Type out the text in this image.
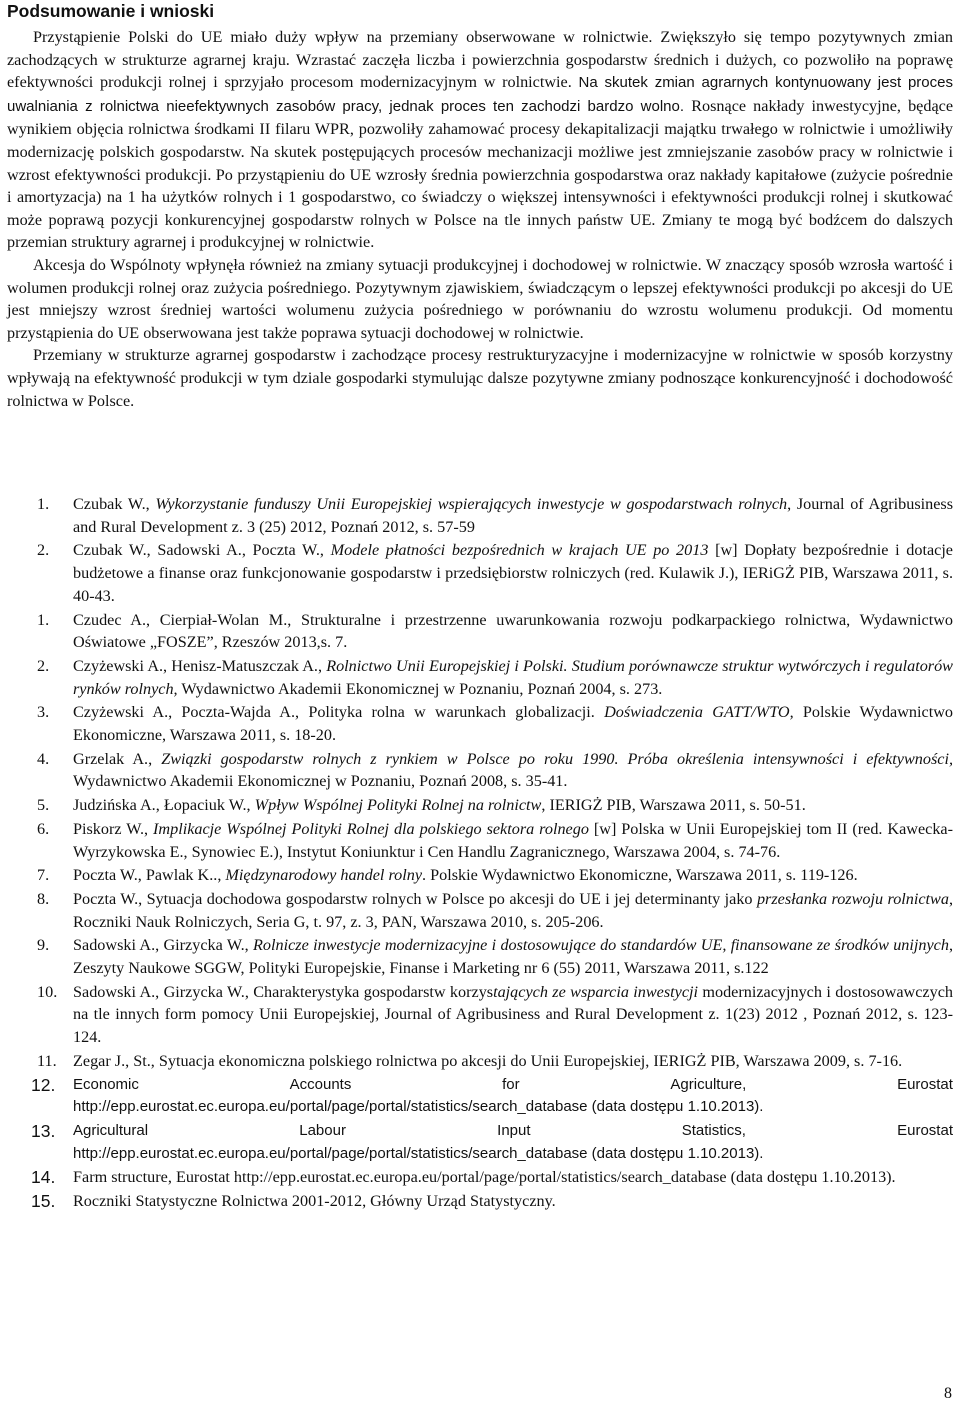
Podsumowanie i wnioski

Przystąpienie Polski do UE miało duży wpływ na przemiany obserwowane w rolnictwie. Zwiększyło się tempo pozytywnych zmian zachodzących w strukturze agrarnej kraju. Wzrastać zaczęła liczba i powierzchnia gospodarstw średnich i dużych, co pozwoliło na poprawę efektywności produkcji rolnej i sprzyjało procesom modernizacyjnym w rolnictwie. Na skutek zmian agrarnych kontynuowany jest proces uwalniania z rolnictwa nieefektywnych zasobów pracy, jednak proces ten zachodzi bardzo wolno. Rosnące nakłady inwestycyjne, będące wynikiem objęcia rolnictwa środkami II filaru WPR, pozwoliły zahamować procesy dekapitalizacji majątku trwałego w rolnictwie i umożliwiły modernizację polskich gospodarstw. Na skutek postępujących procesów mechanizacji możliwe jest zmniejszanie zasobów pracy w rolnictwie i wzrost efektywności produkcji. Po przystąpieniu do UE wzrosły średnia powierzchnia gospodarstwa oraz nakłady kapitałowe (zużycie pośrednie i amortyzacja) na 1 ha użytków rolnych i 1 gospodarstwo, co świadczy o większej intensywności i efektywności produkcji rolnej i skutkować może poprawą pozycji konkurencyjnej gospodarstw rolnych w Polsce na tle innych państw UE. Zmiany te mogą być bodźcem do dalszych przemian struktury agrarnej i produkcyjnej w rolnictwie.

Akcesja do Wspólnoty wpłynęła również na zmiany sytuacji produkcyjnej i dochodowej w rolnictwie. W znaczący sposób wzrosła wartość i wolumen produkcji rolnej oraz zużycia pośredniego. Pozytywnym zjawiskiem, świadczącym o lepszej efektywności produkcji po akcesji do UE jest mniejszy wzrost średniej wartości wolumenu zużycia pośredniego w porównaniu do wzrostu wolumenu produkcji. Od momentu przystąpienia do UE obserwowana jest także poprawa sytuacji dochodowej w rolnictwie.

Przemiany w strukturze agrarnej gospodarstw i zachodzące procesy restrukturyzacyjne i modernizacyjne w rolnictwie w sposób korzystny wpływają na efektywność produkcji w tym dziale gospodarki stymulując dalsze pozytywne zmiany podnoszące konkurencyjność i dochodowość rolnictwa w Polsce.

1.	Czubak W., Wykorzystanie funduszy Unii Europejskiej wspierających inwestycje w gospodarstwach rolnych, Journal of Agribusiness and Rural Development z. 3 (25) 2012, Poznań 2012, s. 57-59
2.	Czubak W., Sadowski A., Poczta W., Modele płatności bezpośrednich w krajach UE po 2013 [w] Dopłaty bezpośrednie i dotacje budżetowe a finanse oraz funkcjonowanie gospodarstw i przedsiębiorstw rolniczych (red. Kulawik J.), IERiGŻ PIB, Warszawa 2011, s. 40-43.
1.	Czudec A., Cierpiał-Wolan M., Strukturalne i przestrzenne uwarunkowania rozwoju podkarpackiego rolnictwa, Wydawnictwo Oświatowe „FOSZE”, Rzeszów 2013,s. 7.
2.	Czyżewski A., Henisz-Matuszczak A., Rolnictwo Unii Europejskiej i Polski. Studium porównawcze struktur wytwórczych i regulatorów rynków rolnych, Wydawnictwo Akademii Ekonomicznej w Poznaniu, Poznań 2004, s. 273.
3.	Czyżewski A., Poczta-Wajda A., Polityka rolna w warunkach globalizacji. Doświadczenia GATT/WTO, Polskie Wydawnictwo Ekonomiczne, Warszawa 2011, s. 18-20.
4.	Grzelak A., Związki gospodarstw rolnych z rynkiem w Polsce po roku 1990. Próba określenia intensywności i efektywności, Wydawnictwo Akademii Ekonomicznej w Poznaniu, Poznań 2008, s. 35-41.
5.	Judzińska A., Łopaciuk W., Wpływ Wspólnej Polityki Rolnej na rolnictw, IERIGŻ PIB, Warszawa 2011, s. 50-51.
6.	Piskorz W., Implikacje Wspólnej Polityki Rolnej dla polskiego sektora rolnego [w] Polska w Unii Europejskiej tom II (red. Kawecka-Wyrzykowska E., Synowiec E.), Instytut Koniunktur i Cen Handlu Zagranicznego, Warszawa 2004, s. 74-76.
7.	Poczta W., Pawlak K.., Międzynarodowy handel rolny. Polskie Wydawnictwo Ekonomiczne, Warszawa 2011, s. 119-126.
8.	Poczta W., Sytuacja dochodowa gospodarstw rolnych w Polsce po akcesji do UE i jej determinanty jako przesłanka rozwoju rolnictwa, Roczniki Nauk Rolniczych, Seria G, t. 97, z. 3, PAN, Warszawa 2010, s. 205-206.
9.	Sadowski A., Girzycka W., Rolnicze inwestycje modernizacyjne i dostosowujące do standardów UE, finansowane ze środków unijnych, Zeszyty Naukowe SGGW, Polityki Europejskie, Finanse i Marketing nr 6 (55) 2011, Warszawa 2011, s.122
10. Sadowski A., Girzycka W., Charakterystyka gospodarstw korzystających ze wsparcia inwestycji modernizacyjnych i dostosowawczych na tle innych form pomocy Unii Europejskiej, Journal of Agribusiness and Rural Development z. 1(23) 2012 , Poznań 2012, s. 123-124.
11.	Zegar J., St., Sytuacja ekonomiczna polskiego rolnictwa po akcesji do Unii Europejskiej, IERIGŻ PIB, Warszawa 2009, s. 7-16.
12.	Economic	Accounts	for	Agriculture,	Eurostat
http://epp.eurostat.ec.europa.eu/portal/page/portal/statistics/search_database (data dostępu 1.10.2013).
13.	Agricultural	Labour	Input	Statistics,	Eurostat
http://epp.eurostat.ec.europa.eu/portal/page/portal/statistics/search_database (data dostępu 1.10.2013).
14.	Farm structure, Eurostat http://epp.eurostat.ec.europa.eu/portal/page/portal/statistics/search_database (data dostępu 1.10.2013).
15.	Roczniki Statystyczne Rolnictwa 2001-2012, Główny Urząd Statystyczny.
8
